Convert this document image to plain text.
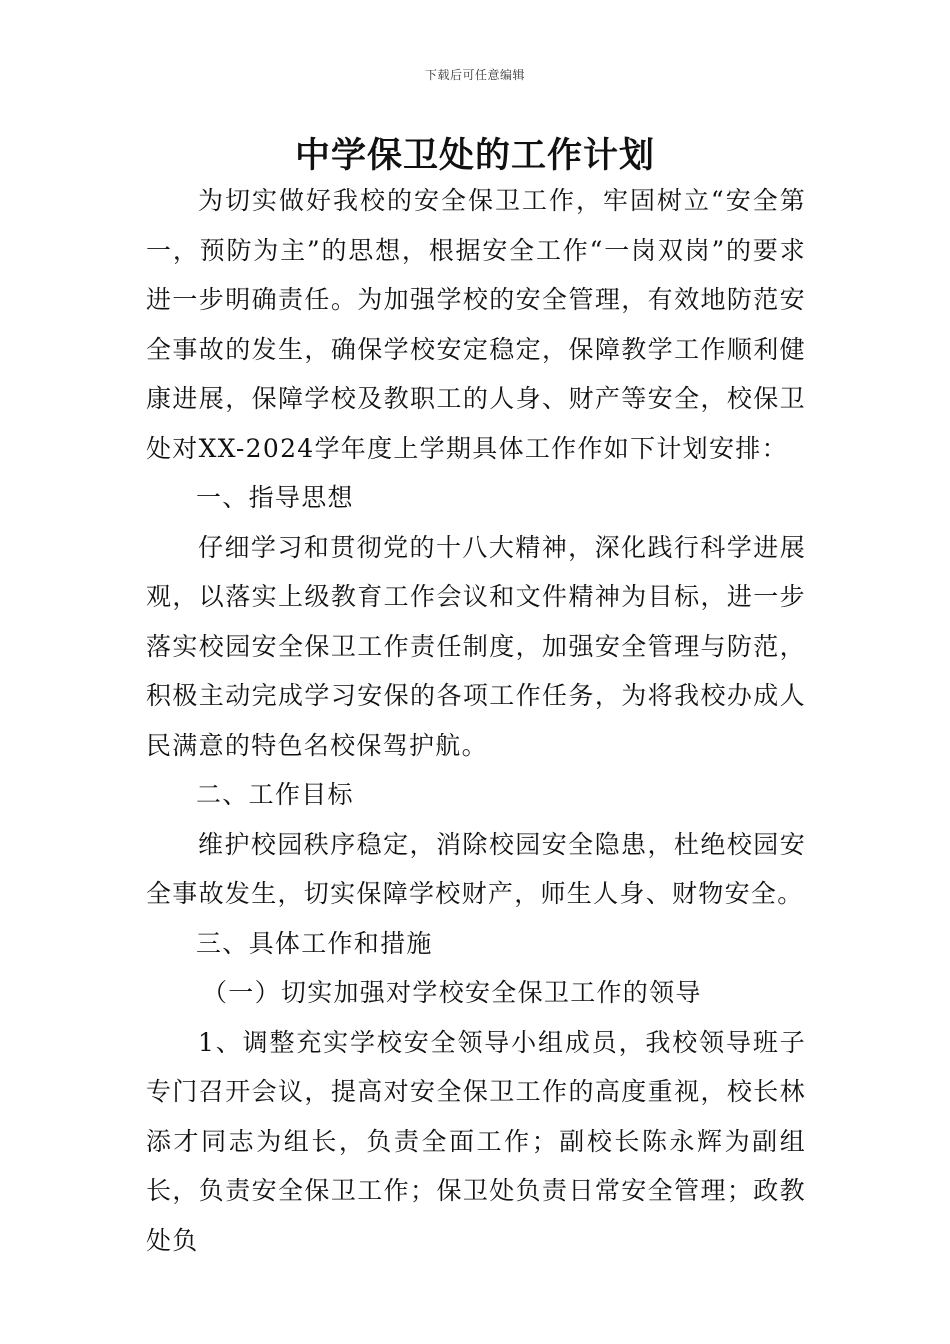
下载后可任意编辑
中学保卫处的工作计划

为切实做好我校的安全保卫工作，牢固树立“安全第一，预防为主”的思想，根据安全工作“一岗双岗”的要求进一步明确责任。为加强学校的安全管理，有效地防范安全事故的发生，确保学校安定稳定，保障教学工作顺利健康进展，保障学校及教职工的人身、财产等安全，校保卫处对XX-2024学年度上学期具体工作作如下计划安排：

一、指导思想

仔细学习和贯彻党的十八大精神，深化践行科学进展观，以落实上级教育工作会议和文件精神为目标，进一步落实校园安全保卫工作责任制度，加强安全管理与防范，积极主动完成学习安保的各项工作任务，为将我校办成人民满意的特色名校保驾护航。

二、工作目标

维护校园秩序稳定，消除校园安全隐患，杜绝校园安全事故发生，切实保障学校财产，师生人身、财物安全。

三、具体工作和措施

（一）切实加强对学校安全保卫工作的领导

1、调整充实学校安全领导小组成员，我校领导班子专门召开会议，提高对安全保卫工作的高度重视，校长林添才同志为组长，负责全面工作；副校长陈永辉为副组长，负责安全保卫工作；保卫处负责日常安全管理；政教处负
